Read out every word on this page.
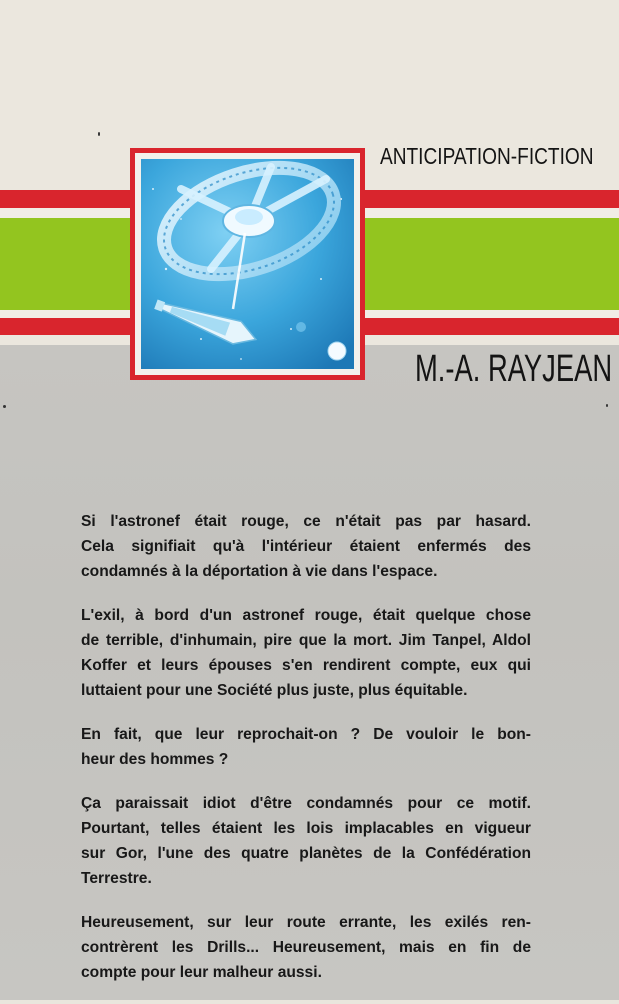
ANTICIPATION-FICTION
M.-A. RAYJEAN

Si l'astronef était rouge, ce n'était pas par hasard.
Cela signifiait qu'à l'intérieur étaient enfermés des
condamnés à la déportation à vie dans l'espace.

L'exil, à bord d'un astronef rouge, était quelque chose
de terrible, d'inhumain, pire que la mort. Jim Tanpel, Aldol
Koffer et leurs épouses s'en rendirent compte, eux qui
luttaient pour une Société plus juste, plus équitable.

En fait, que leur reprochait-on ? De vouloir le bon-
heur des hommes ?

Ça paraissait idiot d'être condamnés pour ce motif.
Pourtant, telles étaient les lois implacables en vigueur
sur Gor, l'une des quatre planètes de la Confédération
Terrestre.

Heureusement, sur leur route errante, les exilés ren-
contrèrent les Drills... Heureusement, mais en fin de
compte pour leur malheur aussi.
